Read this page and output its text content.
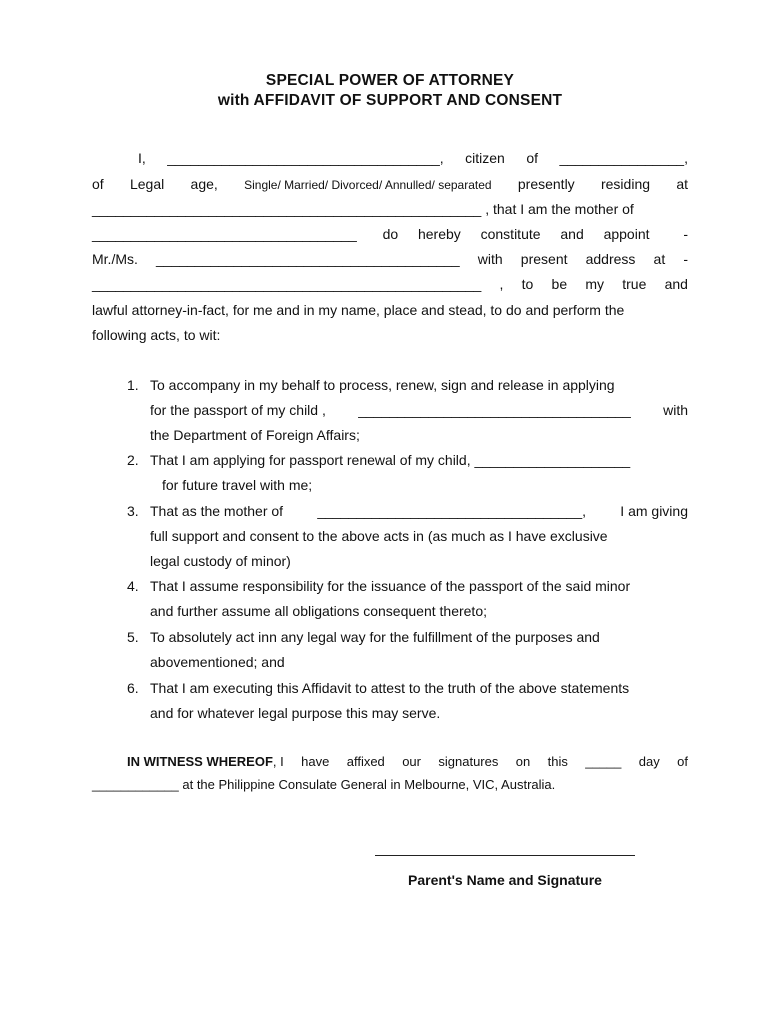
SPECIAL POWER OF ATTORNEY
with AFFIDAVIT OF SUPPORT AND CONSENT
I, ___________________________________, citizen of ________________,
of Legal age, Single/ Married/ Divorced/ Annulled/ separated presently residing at
__________________________________________________ , that I am the mother of
__________________________________ do hereby constitute and appoint -
Mr./Ms. _______________________________________ with present address at -
__________________________________________________ , to be my true and
lawful attorney-in-fact, for me and in my name, place and stead, to do and perform the
following acts, to wit:
1. To accompany in my behalf to process, renew, sign and release in applying
for the passport of my child , ___________________________________ with
the Department of Foreign Affairs;
2. That I am applying for passport renewal of my child, ____________________
for future travel with me;
3. That as the mother of __________________________________, I am giving
full support and consent to the above acts in (as much as I have exclusive
legal custody of minor)
4. That I assume responsibility for the issuance of the passport of the said minor
and further assume all obligations consequent thereto;
5. To absolutely act inn any legal way for the fulfillment of the purposes and
abovementioned; and
6. That I am executing this Affidavit to attest to the truth of the above statements
and for whatever legal purpose this may serve.
IN WITNESS WHEREOF, I have affixed our signatures on this _____ day of
____________ at the Philippine Consulate General in Melbourne, VIC, Australia.
Parent's Name and Signature
